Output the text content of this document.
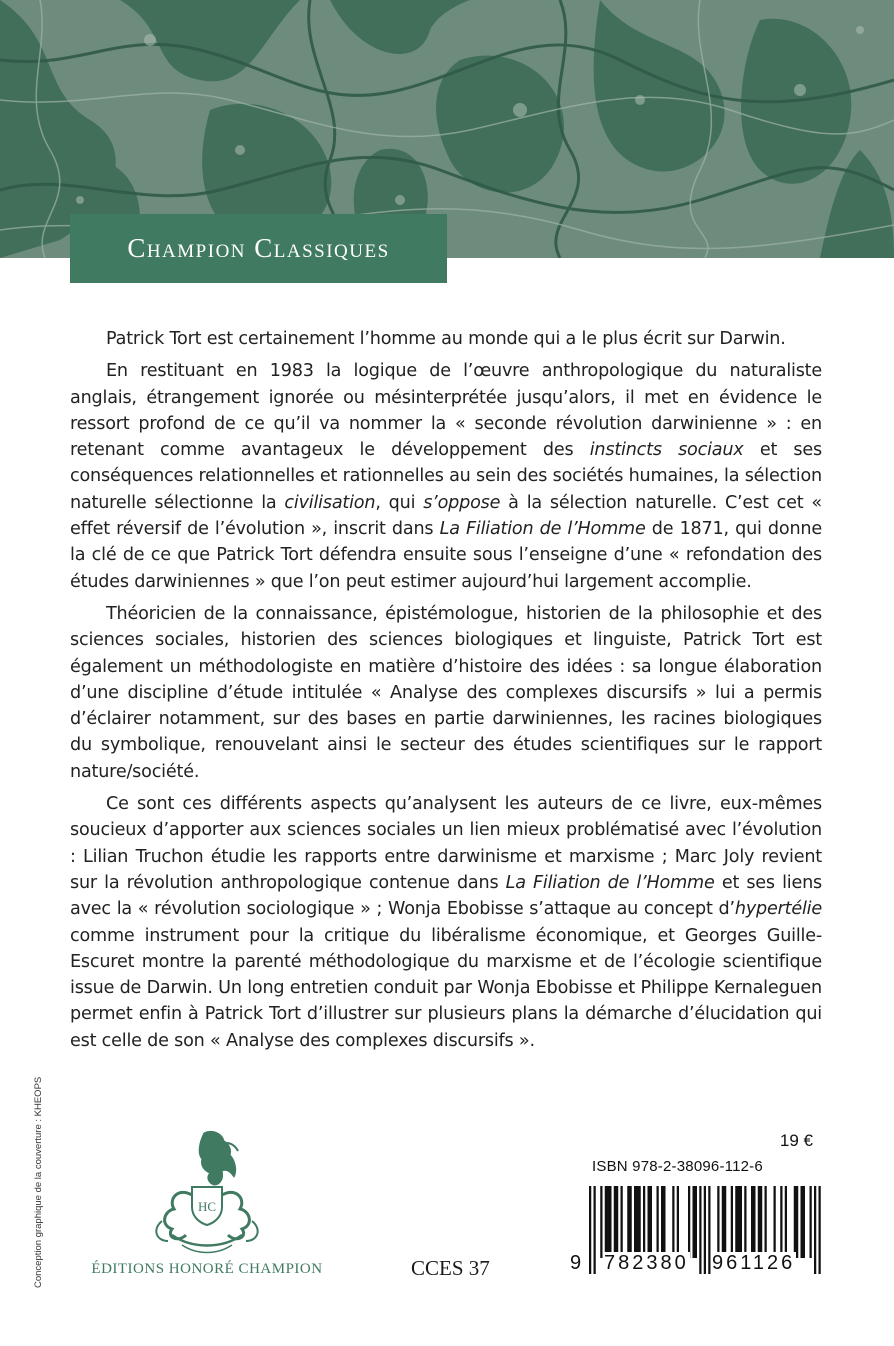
Champion Classiques

Patrick Tort est certainement l’homme au monde qui a le plus écrit sur Darwin.

En restituant en 1983 la logique de l’œuvre anthropologique du naturaliste anglais, étrangement ignorée ou mésinterprétée jusqu’alors, il met en évidence le ressort profond de ce qu’il va nommer la « seconde révolution darwinienne » : en retenant comme avantageux le développement des instincts sociaux et ses conséquences relationnelles et rationnelles au sein des sociétés humaines, la sélection naturelle sélectionne la civilisation, qui s’oppose à la sélection naturelle. C’est cet « effet réversif de l’évolution », inscrit dans La Filiation de l’Homme de 1871, qui donne la clé de ce que Patrick Tort défendra ensuite sous l’enseigne d’une « refondation des études darwiniennes » que l’on peut estimer aujourd’hui largement accomplie.

Théoricien de la connaissance, épistémologue, historien de la philosophie et des sciences sociales, historien des sciences biologiques et linguiste, Patrick Tort est également un méthodologiste en matière d’histoire des idées : sa longue élaboration d’une discipline d’étude intitulée « Analyse des complexes discursifs » lui a permis d’éclairer notamment, sur des bases en partie darwiniennes, les racines biologiques du symbolique, renouvelant ainsi le secteur des études scientifiques sur le rapport nature/société.

Ce sont ces différents aspects qu’analysent les auteurs de ce livre, eux-mêmes soucieux d’apporter aux sciences sociales un lien mieux problématisé avec l’évolution : Lilian Truchon étudie les rapports entre darwinisme et marxisme ; Marc Joly revient sur la révolution anthropologique contenue dans La Filiation de l’Homme et ses liens avec la « révolution sociologique » ; Wonja Ebobisse s’attaque au concept d’hypertélie comme instrument pour la critique du libéralisme économique, et Georges Guille-Escuret montre la parenté méthodologique du marxisme et de l’écologie scientifique issue de Darwin. Un long entretien conduit par Wonja Ebobisse et Philippe Kernaleguen permet enfin à Patrick Tort d’illustrer sur plusieurs plans la démarche d’élucidation qui est celle de son « Analyse des complexes discursifs ».

Conception graphique de la couverture : KHEOPS	HC
ÉDITIONS HONORÉ CHAMPION	CCES 37
19 €
ISBN 978-2-38096-112-6
9 782380 961126
